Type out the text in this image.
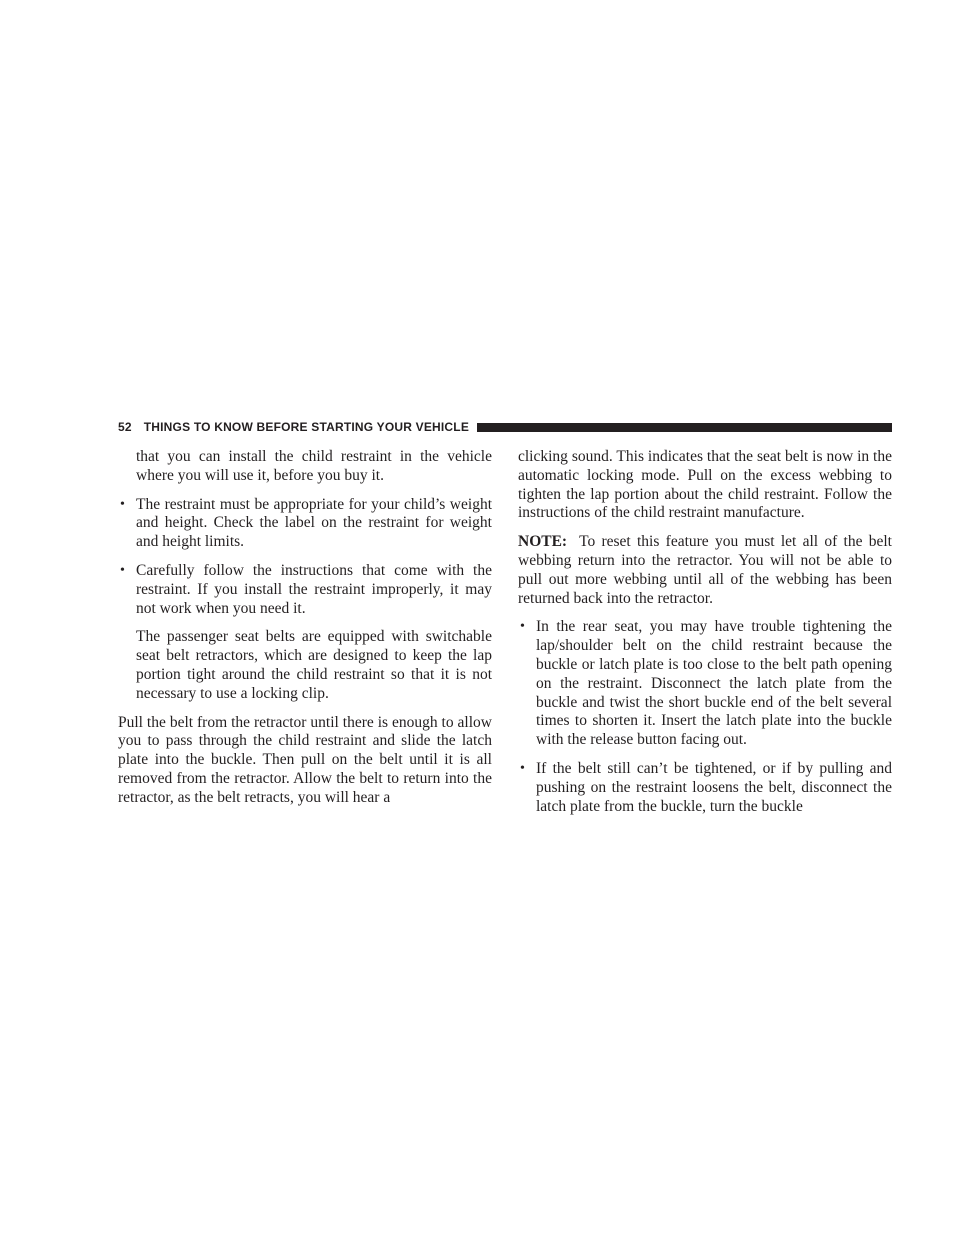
52 THINGS TO KNOW BEFORE STARTING YOUR VEHICLE

that you can install the child restraint in the vehicle where you will use it, before you buy it.

• The restraint must be appropriate for your child’s weight and height. Check the label on the restraint for weight and height limits.

• Carefully follow the instructions that come with the restraint. If you install the restraint improperly, it may not work when you need it.

The passenger seat belts are equipped with switchable seat belt retractors, which are designed to keep the lap portion tight around the child restraint so that it is not necessary to use a locking clip.

Pull the belt from the retractor until there is enough to allow you to pass through the child restraint and slide the latch plate into the buckle. Then pull on the belt until it is all removed from the retractor. Allow the belt to return into the retractor, as the belt retracts, you will hear a

clicking sound. This indicates that the seat belt is now in the automatic locking mode. Pull on the excess webbing to tighten the lap portion about the child restraint. Follow the instructions of the child restraint manufacture.

NOTE: To reset this feature you must let all of the belt webbing return into the retractor. You will not be able to pull out more webbing until all of the webbing has been returned back into the retractor.

• In the rear seat, you may have trouble tightening the lap/shoulder belt on the child restraint because the buckle or latch plate is too close to the belt path opening on the restraint. Disconnect the latch plate from the buckle and twist the short buckle end of the belt several times to shorten it. Insert the latch plate into the buckle with the release button facing out.

• If the belt still can’t be tightened, or if by pulling and pushing on the restraint loosens the belt, disconnect the latch plate from the buckle, turn the buckle
